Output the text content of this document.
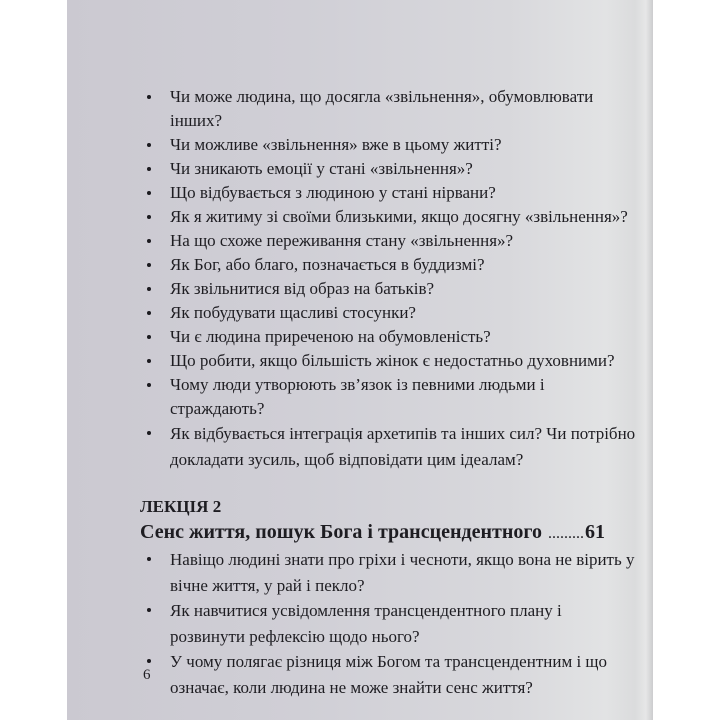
Чи може людина, що досягла «звільнення», обумовлювати інших?
Чи можливе «звільнення» вже в цьому житті?
Чи зникають емоції у стані «звільнення»?
Що відбувається з людиною у стані нірвани?
Як я житиму зі своїми близькими, якщо досягну «звільнення»?
На що схоже переживання стану «звільнення»?
Як Бог, або благо, позначається в буддизмі?
Як звільнитися від образ на батьків?
Як побудувати щасливі стосунки?
Чи є людина приреченою на обумовленість?
Що робити, якщо більшість жінок є недостатньо духовними?
Чому люди утворюють зв’язок із певними людьми і страждають?
Як відбувається інтеграція архетипів та інших сил? Чи потрібно докладати зусиль, щоб відповідати цим ідеалам?
ЛЕКЦІЯ 2
Сенс життя, пошук Бога і трансцендентного ..... 61
Навіщо людині знати про гріхи і чесноти, якщо вона не вірить у вічне життя, у рай і пекло?
Як навчитися усвідомлення трансцендентного плану і розвинути рефлексію щодо нього?
У чому полягає різниця між Богом та трансцендентним і що означає, коли людина не може знайти сенс життя?
6
